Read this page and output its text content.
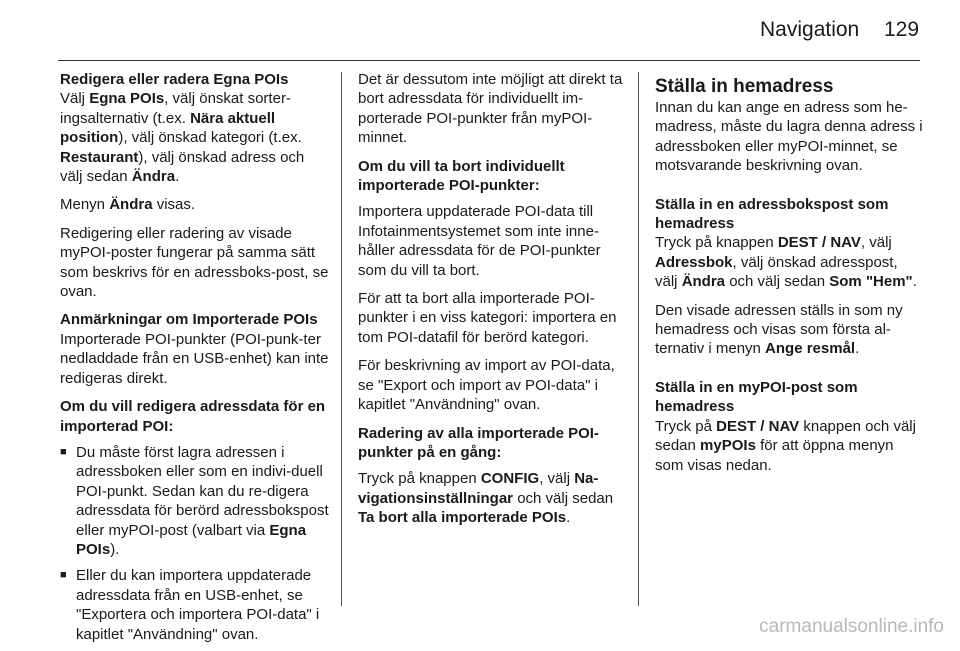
Navigation 129

Redigera eller radera Egna POIs

Välj Egna POIs, välj önskat sorter-ingsalternativ (t.ex. Nära aktuell position), välj önskad kategori (t.ex. Restaurant), välj önskad adress och välj sedan Ändra.

Menyn Ändra visas.

Redigering eller radering av visade myPOI-poster fungerar på samma sätt som beskrivs för en adressboks-post, se ovan.

Anmärkningar om Importerade POIs

Importerade POI-punkter (POI-punk-ter nedladdade från en USB-enhet) kan inte redigeras direkt.

Om du vill redigera adressdata för en importerad POI:

■ Du måste först lagra adressen i adressboken eller som en indivi-duell POI-punkt. Sedan kan du re-digera adressdata för berörd adressbokspost eller myPOI-post (valbart via Egna POIs).
■ Eller du kan importera uppdaterade adressdata från en USB-enhet, se "Exportera och importera POI-data" i kapitlet "Användning" ovan.

Det är dessutom inte möjligt att direkt ta bort adressdata för individuellt im-porterade POI-punkter från myPOI-minnet.

Om du vill ta bort individuellt importerade POI-punkter:

Importera uppdaterade POI-data till Infotainmentsystemet som inte inne-håller adressdata för de POI-punkter som du vill ta bort.

För att ta bort alla importerade POI-punkter i en viss kategori: importera en tom POI-datafil för berörd kategori.

För beskrivning av import av POI-data, se "Export och import av POI-data" i kapitlet "Användning" ovan.

Radering av alla importerade POI-punkter på en gång:

Tryck på knappen CONFIG, välj Na-vigationsinställningar och välj sedan Ta bort alla importerade POIs.

Ställa in hemadress

Innan du kan ange en adress som he-madress, måste du lagra denna adress i adressboken eller myPOI-minnet, se motsvarande beskrivning ovan.

Ställa in en adressbokspost som hemadress

Tryck på knappen DEST / NAV, välj Adressbok, välj önskad adresspost, välj Ändra och välj sedan Som "Hem".

Den visade adressen ställs in som ny hemadress och visas som första al-ternativ i menyn Ange resmål.

Ställa in en myPOI-post som hemadress

Tryck på DEST / NAV knappen och välj sedan myPOIs för att öppna menyn som visas nedan.

carmanualsonline.info
